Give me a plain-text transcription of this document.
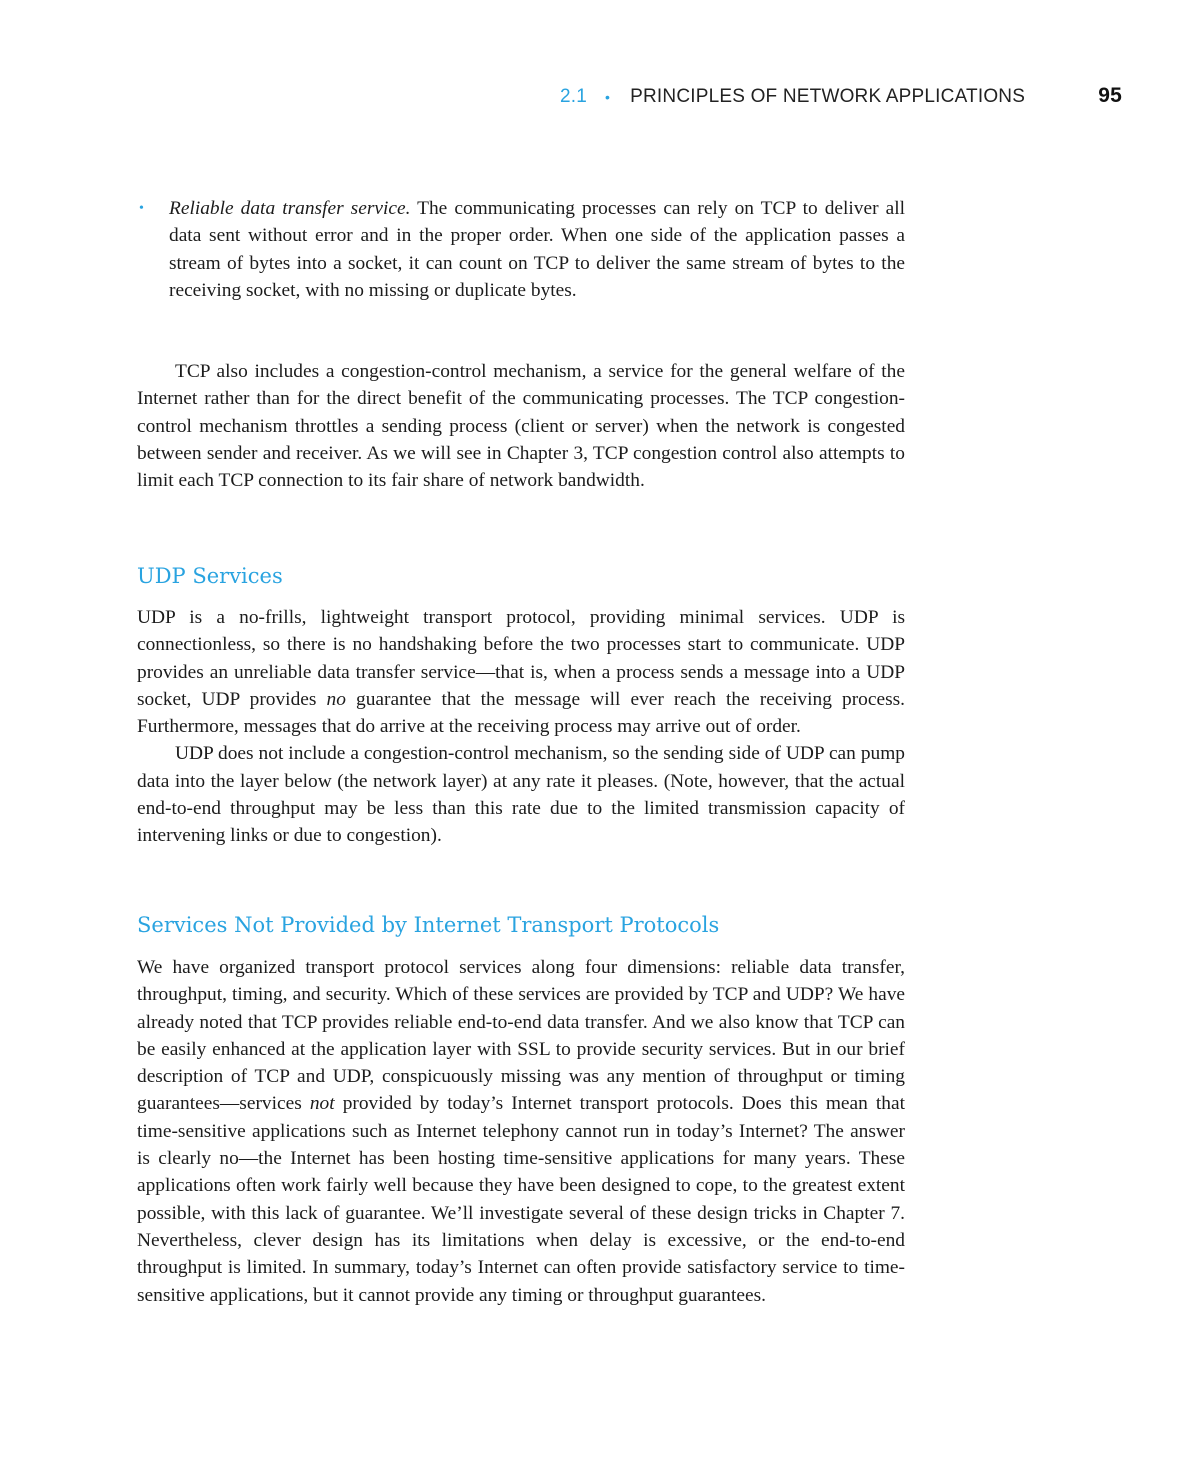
2.1 • PRINCIPLES OF NETWORK APPLICATIONS	95
•	Reliable data transfer service. The communicating processes can rely on TCP to deliver all data sent without error and in the proper order. When one side of the application passes a stream of bytes into a socket, it can count on TCP to deliver the same stream of bytes to the receiving socket, with no missing or duplicate bytes.

TCP also includes a congestion-control mechanism, a service for the general welfare of the Internet rather than for the direct benefit of the communicating processes. The TCP congestion-control mechanism throttles a sending process (client or server) when the network is congested between sender and receiver. As we will see in Chapter 3, TCP congestion control also attempts to limit each TCP connection to its fair share of network bandwidth.

UDP Services

UDP is a no-frills, lightweight transport protocol, providing minimal services. UDP is connectionless, so there is no handshaking before the two processes start to communicate. UDP provides an unreliable data transfer service—that is, when a process sends a message into a UDP socket, UDP provides no guarantee that the message will ever reach the receiving process. Furthermore, messages that do arrive at the receiving process may arrive out of order.

UDP does not include a congestion-control mechanism, so the sending side of UDP can pump data into the layer below (the network layer) at any rate it pleases. (Note, however, that the actual end-to-end throughput may be less than this rate due to the limited transmission capacity of intervening links or due to congestion).

Services Not Provided by Internet Transport Protocols

We have organized transport protocol services along four dimensions: reliable data transfer, throughput, timing, and security. Which of these services are provided by TCP and UDP? We have already noted that TCP provides reliable end-to-end data transfer. And we also know that TCP can be easily enhanced at the application layer with SSL to provide security services. But in our brief description of TCP and UDP, conspicuously missing was any mention of throughput or timing guarantees—services not provided by today’s Internet transport protocols. Does this mean that time-sensitive applications such as Internet telephony cannot run in today’s Internet? The answer is clearly no—the Internet has been hosting time-sensitive applications for many years. These applications often work fairly well because they have been designed to cope, to the greatest extent possible, with this lack of guarantee. We’ll investigate several of these design tricks in Chapter 7. Nevertheless, clever design has its limitations when delay is excessive, or the end-to-end throughput is limited. In summary, today’s Internet can often provide satisfactory service to time-sensitive applications, but it cannot provide any timing or throughput guarantees.
